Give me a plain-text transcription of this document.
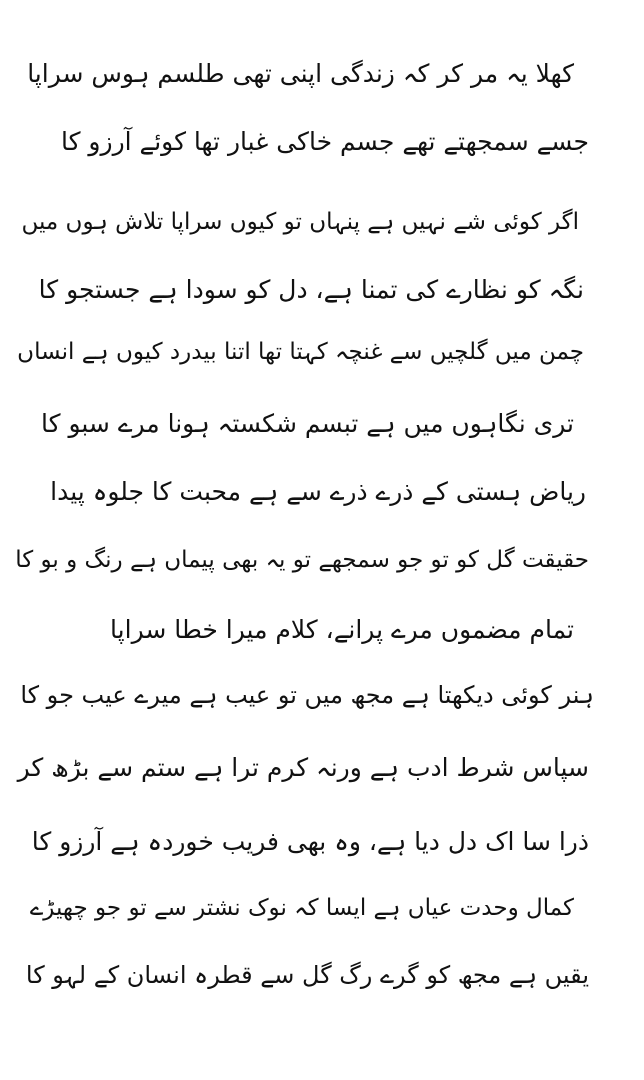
کھلا یہ مر کر کہ زندگی اپنی تھی طلسم ہوس سراپا
جسے سمجھتے تھے جسم خاکی غبار تھا کوئے آرزو کا
اگر کوئی شے نہیں ہے پنہاں تو کیوں سراپا تلاش ہوں میں
نگہ کو نظارے کی تمنا ہے، دل کو سودا ہے جستجو کا
چمن میں گلچیں سے غنچہ کہتا تھا اتنا بیدرد کیوں ہے انساں
تری نگاہوں میں ہے تبسم شکستہ ہونا مرے سبو کا
ریاض ہستی کے ذرے ذرے سے ہے محبت کا جلوہ پیدا
حقیقت گل کو تو جو سمجھے تو یہ بھی پیماں ہے رنگ و بو کا
تمام مضموں مرے پرانے، کلام میرا خطا سراپا
ہنر کوئی دیکھتا ہے مجھ میں تو عیب ہے میرے عیب جو کا
سپاس شرط ادب ہے ورنہ کرم ترا ہے ستم سے بڑھ کر
ذرا سا اک دل دیا ہے، وہ بھی فریب خوردہ ہے آرزو کا
کمال وحدت عیاں ہے ایسا کہ نوک نشتر سے تو جو چھیڑے
یقیں ہے مجھ کو گرے رگ گل سے قطرہ انسان کے لہو کا
